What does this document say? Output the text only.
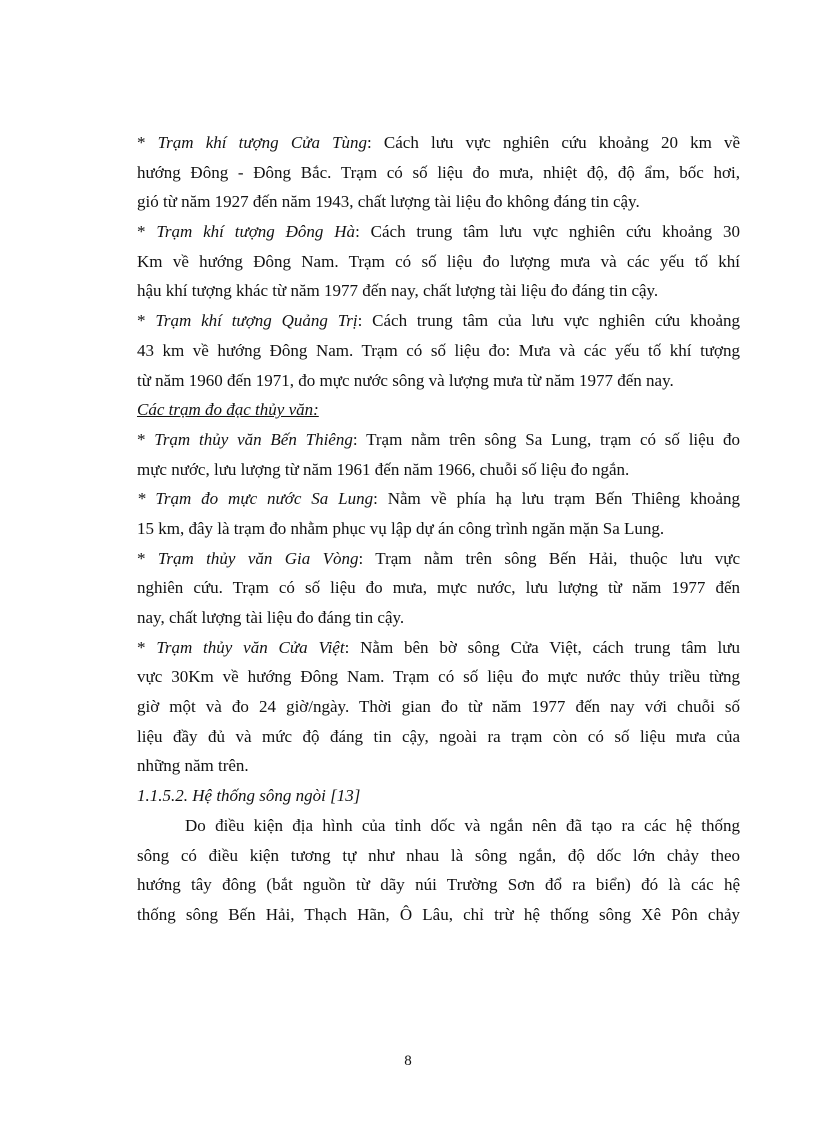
* Trạm khí tượng Cửa Tùng: Cách lưu vực nghiên cứu khoảng 20 km về
hướng Đông - Đông Bắc. Trạm có số liệu đo mưa, nhiệt độ, độ ẩm, bốc hơi,
gió từ năm 1927 đến năm 1943, chất lượng tài liệu đo không đáng tin cậy.
* Trạm khí tượng Đông Hà: Cách trung tâm lưu vực nghiên cứu khoảng 30
Km về hướng Đông Nam. Trạm có số liệu đo lượng mưa và các yếu tố khí
hậu khí tượng khác từ năm 1977 đến nay, chất lượng tài liệu đo đáng tin cậy.
* Trạm khí tượng Quảng Trị: Cách trung tâm của lưu vực nghiên cứu khoảng
43 km về hướng Đông Nam. Trạm có số liệu đo: Mưa và các yếu tố khí tượng
từ năm 1960 đến 1971, đo mực nước sông và lượng mưa từ năm 1977 đến nay.
Các trạm đo đạc thủy văn:
* Trạm thủy văn Bến Thiêng: Trạm nằm trên sông Sa Lung, trạm có số liệu đo
mực nước, lưu lượng từ năm 1961 đến năm 1966, chuỗi số liệu đo ngắn.
* Trạm đo mực nước Sa Lung: Nằm về phía hạ lưu trạm Bến Thiêng khoảng
15 km, đây là trạm đo nhằm phục vụ lập dự án công trình ngăn mặn Sa Lung.
* Trạm thủy văn Gia Vòng: Trạm nằm trên sông Bến Hải, thuộc lưu vực
nghiên cứu. Trạm có số liệu đo mưa, mực nước, lưu lượng từ năm 1977 đến
nay, chất lượng tài liệu đo đáng tin cậy.
* Trạm thủy văn Cửa Việt: Nằm bên bờ sông Cửa Việt, cách trung tâm lưu
vực 30Km về hướng Đông Nam. Trạm có số liệu đo mực nước thủy triều từng
giờ một và đo 24 giờ/ngày. Thời gian đo từ năm 1977 đến nay với chuỗi số
liệu đầy đủ và mức độ đáng tin cậy, ngoài ra trạm còn có số liệu mưa của
những năm trên.
1.1.5.2. Hệ thống sông ngòi [13]
Do điều kiện địa hình của tỉnh dốc và ngắn nên đã tạo ra các hệ thống
sông có điều kiện tương tự như nhau là sông ngắn, độ dốc lớn chảy theo
hướng tây đông (bắt nguồn từ dãy núi Trường Sơn đổ ra biển) đó là các hệ
thống sông Bến Hải, Thạch Hãn, Ô Lâu, chỉ trừ hệ thống sông Xê Pôn chảy
8
